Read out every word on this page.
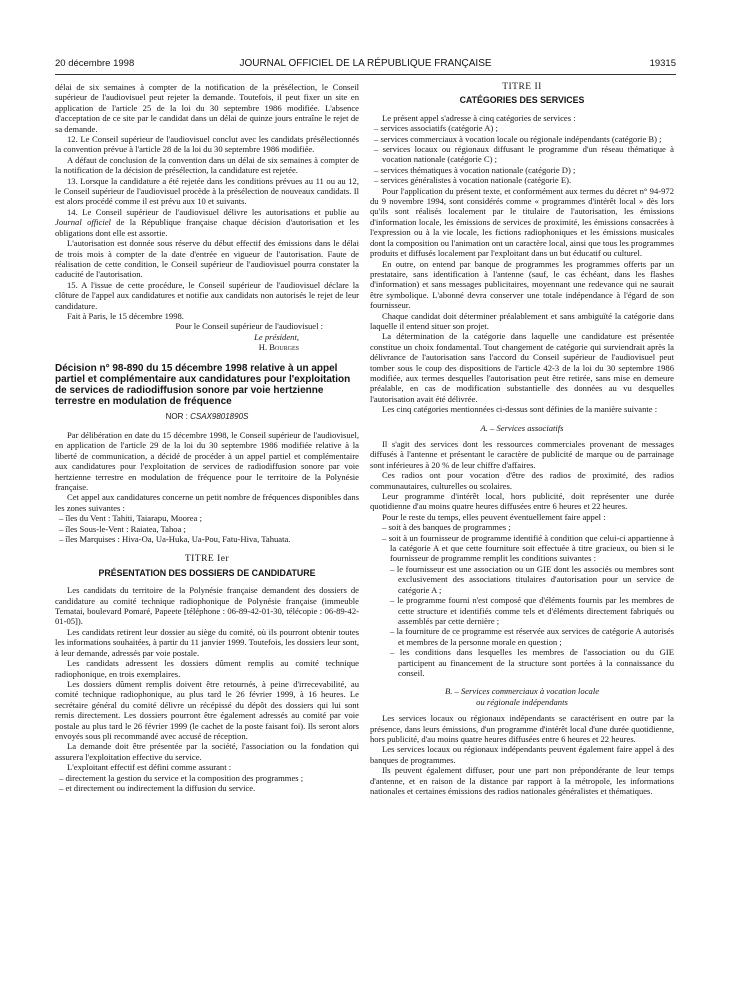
20 décembre 1998	JOURNAL OFFICIEL DE LA RÉPUBLIQUE FRANÇAISE	19315

délai de six semaines à compter de la notification de la présélection, le Conseil supérieur de l'audiovisuel peut rejeter la demande. Toutefois, il peut fixer un site en application de l'article 25 de la loi du 30 septembre 1986 modifiée. L'absence d'acceptation de ce site par le candidat dans un délai de quinze jours entraîne le rejet de sa demande.

12. Le Conseil supérieur de l'audiovisuel conclut avec les candidats présélectionnés la convention prévue à l'article 28 de la loi du 30 septembre 1986 modifiée.

A défaut de conclusion de la convention dans un délai de six semaines à compter de la notification de la décision de présélection, la candidature est rejetée.

13. Lorsque la candidature a été rejetée dans les conditions prévues au 11 ou au 12, le Conseil supérieur de l'audiovisuel procède à la présélection de nouveaux candidats. Il est alors procédé comme il est prévu aux 10 et suivants.

14. Le Conseil supérieur de l'audiovisuel délivre les autorisations et publie au Journal officiel de la République française chaque décision d'autorisation et les obligations dont elle est assortie.

L'autorisation est donnée sous réserve du début effectif des émissions dans le délai de trois mois à compter de la date d'entrée en vigueur de l'autorisation. Faute de réalisation de cette condition, le Conseil supérieur de l'audiovisuel pourra constater la caducité de l'autorisation.

15. A l'issue de cette procédure, le Conseil supérieur de l'audiovisuel déclare la clôture de l'appel aux candidatures et notifie aux candidats non autorisés le rejet de leur candidature.

Fait à Paris, le 15 décembre 1998.

Pour le Conseil supérieur de l'audiovisuel :

Le président,

H. Bourges

Décision n° 98-890 du 15 décembre 1998 relative à un appel partiel et complémentaire aux candidatures pour l'exploitation de services de radiodiffusion sonore par voie hertzienne terrestre en modulation de fréquence

NOR : CSAX9801890S

Par délibération en date du 15 décembre 1998, le Conseil supérieur de l'audiovisuel, en application de l'article 29 de la loi du 30 septembre 1986 modifiée relative à la liberté de communication, a décidé de procéder à un appel partiel et complémentaire aux candidatures pour l'exploitation de services de radiodiffusion sonore par voie hertzienne terrestre en modulation de fréquence pour le territoire de la Polynésie française.

Cet appel aux candidatures concerne un petit nombre de fréquences disponibles dans les zones suivantes :

– îles du Vent : Tahiti, Taiarapu, Moorea ;
– îles Sous-le-Vent : Raiatea, Tahoa ;
– îles Marquises : Hiva-Oa, Ua-Huka, Ua-Pou, Fatu-Hiva, Tahuata.

TITRE Ier

PRÉSENTATION DES DOSSIERS DE CANDIDATURE

Les candidats du territoire de la Polynésie française demandent des dossiers de candidature au comité technique radiophonique de Polynésie française (immeuble Tematai, boulevard Pomaré, Papeete [téléphone : 06-89-42-01-30, télécopie : 06-89-42-01-05]).

Les candidats retirent leur dossier au siège du comité, où ils pourront obtenir toutes les informations souhaitées, à partir du 11 janvier 1999. Toutefois, les dossiers leur sont, à leur demande, adressés par voie postale.

Les candidats adressent les dossiers dûment remplis au comité technique radiophonique, en trois exemplaires.

Les dossiers dûment remplis doivent être retournés, à peine d'irrecevabilité, au comité technique radiophonique, au plus tard le 26 février 1999, à 16 heures. Le secrétaire général du comité délivre un récépissé du dépôt des dossiers qui lui sont remis directement. Les dossiers pourront être également adressés au comité par voie postale au plus tard le 26 février 1999 (le cachet de la poste faisant foi). Ils seront alors envoyés sous pli recommandé avec accusé de réception.

La demande doit être présentée par la société, l'association ou la fondation qui assurera l'exploitation effective du service.

L'exploitant effectif est défini comme assurant :

– directement la gestion du service et la composition des programmes ;
– et directement ou indirectement la diffusion du service.

TITRE II

CATÉGORIES DES SERVICES

Le présent appel s'adresse à cinq catégories de services :

– services associatifs (catégorie A) ;
– services commerciaux à vocation locale ou régionale indépendants (catégorie B) ;
– services locaux ou régionaux diffusant le programme d'un réseau thématique à vocation nationale (catégorie C) ;
– services thématiques à vocation nationale (catégorie D) ;
– services généralistes à vocation nationale (catégorie E).

Pour l'application du présent texte, et conformément aux termes du décret n° 94-972 du 9 novembre 1994, sont considérés comme « programmes d'intérêt local » dès lors qu'ils sont réalisés localement par le titulaire de l'autorisation, les émissions d'information locale, les émissions de services de proximité, les émissions consacrées à l'expression ou à la vie locale, les fictions radiophoniques et les émissions musicales dont la composition ou l'animation ont un caractère local, ainsi que tous les programmes produits et diffusés localement par l'exploitant dans un but éducatif ou culturel.

En outre, on entend par banque de programmes les programmes offerts par un prestataire, sans identification à l'antenne (sauf, le cas échéant, dans les flashes d'information) et sans messages publicitaires, moyennant une redevance qui ne saurait être symbolique. L'abonné devra conserver une totale indépendance à l'égard de son fournisseur.

Chaque candidat doit déterminer préalablement et sans ambiguïté la catégorie dans laquelle il entend situer son projet.

La détermination de la catégorie dans laquelle une candidature est présentée constitue un choix fondamental. Tout changement de catégorie qui surviendrait après la délivrance de l'autorisation sans l'accord du Conseil supérieur de l'audiovisuel peut tomber sous le coup des dispositions de l'article 42-3 de la loi du 30 septembre 1986 modifiée, aux termes desquelles l'autorisation peut être retirée, sans mise en demeure préalable, en cas de modification substantielle des données au vu desquelles l'autorisation avait été délivrée.

Les cinq catégories mentionnées ci-dessus sont définies de la manière suivante :

A. – Services associatifs

Il s'agit des services dont les ressources commerciales provenant de messages diffusés à l'antenne et présentant le caractère de publicité de marque ou de parrainage sont inférieures à 20 % de leur chiffre d'affaires.

Ces radios ont pour vocation d'être des radios de proximité, des radios communautaires, culturelles ou scolaires.

Leur programme d'intérêt local, hors publicité, doit représenter une durée quotidienne d'au moins quatre heures diffusées entre 6 heures et 22 heures.

Pour le reste du temps, elles peuvent éventuellement faire appel :

– soit à des banques de programmes ;
– soit à un fournisseur de programme identifié à condition que celui-ci appartienne à la catégorie A et que cette fourniture soit effectuée à titre gracieux, ou bien si le fournisseur de programme remplit les conditions suivantes :
– le fournisseur est une association ou un GIE dont les associés ou membres sont exclusivement des associations titulaires d'autorisation pour un service de catégorie A ;
– le programme fourni n'est composé que d'éléments fournis par les membres de cette structure et identifiés comme tels et d'éléments directement fabriqués ou assemblés par cette dernière ;
– la fourniture de ce programme est réservée aux services de catégorie A autorisés et membres de la personne morale en question ;
– les conditions dans lesquelles les membres de l'association ou du GIE participent au financement de la structure sont portées à la connaissance du conseil.

B. – Services commerciaux à vocation locale

ou régionale indépendants

Les services locaux ou régionaux indépendants se caractérisent en outre par la présence, dans leurs émissions, d'un programme d'intérêt local d'une durée quotidienne, hors publicité, d'au moins quatre heures diffusées entre 6 heures et 22 heures.

Les services locaux ou régionaux indépendants peuvent également faire appel à des banques de programmes.

Ils peuvent également diffuser, pour une part non prépondérante de leur temps d'antenne, et en raison de la distance par rapport à la métropole, les informations nationales et certaines émissions des radios nationales généralistes et thématiques.
